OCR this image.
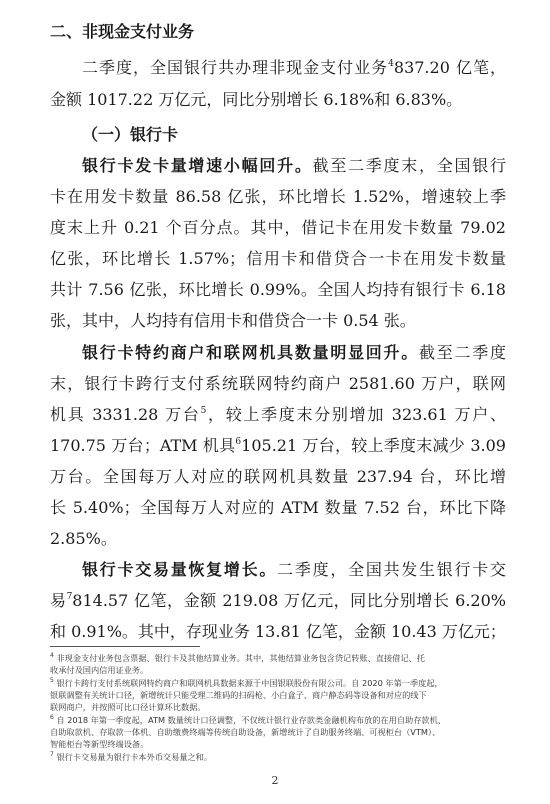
二、非现金支付业务
二季度，全国银行共办理非现金支付业务$^4$837.20 亿笔，
金额 1017.22 万亿元，同比分别增长 6.18%和 6.83%。
（一）银行卡
银行卡发卡量增速小幅回升。截至二季度末，全国银行
卡在用发卡数量 86.58 亿张，环比增长 1.52%，增速较上季
度末上升 0.21 个百分点。其中，借记卡在用发卡数量 79.02
亿张，环比增长 1.57%；信用卡和借贷合一卡在用发卡数量
共计 7.56 亿张，环比增长 0.99%。全国人均持有银行卡 6.18
张，其中，人均持有信用卡和借贷合一卡 0.54 张。
银行卡特约商户和联网机具数量明显回升。截至二季度
末，银行卡跨行支付系统联网特约商户 2581.60 万户，联网
机具 3331.28 万台$^5$，较上季度末分别增加 323.61 万户、
170.75 万台；ATM 机具$^6$105.21 万台，较上季度末减少 3.09
万台。全国每万人对应的联网机具数量 237.94 台，环比增
长 5.40%；全国每万人对应的 ATM 数量 7.52 台，环比下降
2.85%。
银行卡交易量恢复增长。二季度，全国共发生银行卡交
易$^7$814.57 亿笔，金额 219.08 万亿元，同比分别增长 6.20%
和 0.91%。其中，存现业务 13.81 亿笔，金额 10.43 万亿元；
$^4$ 非现金支付业务包含票据、银行卡及其他结算业务。其中，其他结算业务包含贷记转账、直接借记、托
收承付及国内信用证业务。
$^5$ 银行卡跨行支付系统联网特约商户和联网机具数据来源于中国银联股份有限公司。自 2020 年第一季度起，
银联调整有关统计口径，新增统计只能受理二维码的扫码枪、小白盒子、商户静态码等设备和对应的线下
联网商户，并按照可比口径计算环比数据。
$^6$ 自 2018 年第一季度起，ATM 数量统计口径调整，不仅统计银行业存款类金融机构布放的在用自助存款机、
自助取款机、存取款一体机、自助缴费终端等传统自助设备，新增统计了自助服务终端、可视柜台（VTM）、
智能柜台等新型终端设备。
$^7$ 银行卡交易量为银行卡本外币交易量之和。
2
